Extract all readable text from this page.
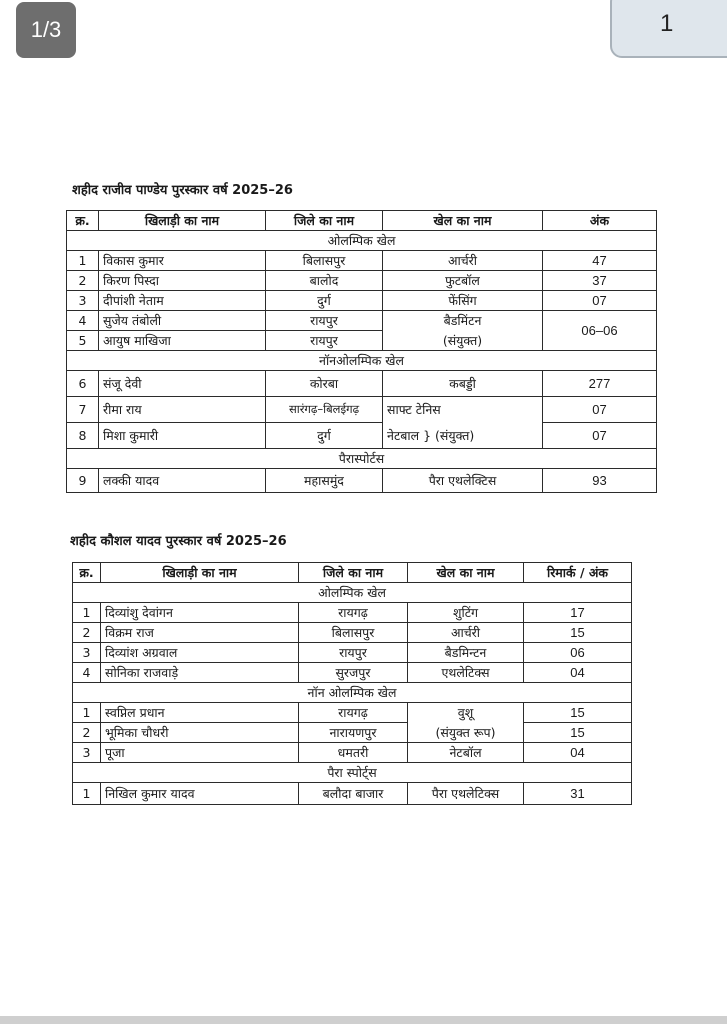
1/3	1
शहीद राजीव पाण्डेय पुरस्कार वर्ष 2025–26
क्र.	खिलाड़ी का नाम	जिले का नाम	खेल का नाम	अंक
ओलम्पिक खेल				
1	विकास कुमार	बिलासपुर	आर्चरी	47
2	किरण पिस्दा	बालोद	फुटबॉल	37
3	दीपांशी नेताम	दुर्ग	फेंसिंग	07
4	सुजेय तंबोली	रायपुर	बैडमिंटन	06–06
5	आयुष माखिजा	रायपुर	(संयुक्त)	
नॉनओलम्पिक खेल				
6	संजू देवी	कोरबा	कबड्डी	277
7	रीमा राय	सारंगढ़–बिलईगढ़	साफ्ट टेनिस	07
8	मिशा कुमारी	दुर्ग	नेटबाल } (संयुक्त)	07
पैरास्पोर्टस				
9	लक्की यादव	महासमुंद	पैरा एथलेक्टिस	93
शहीद कौशल यादव पुरस्कार वर्ष 2025–26
क्र.	खिलाड़ी का नाम	जिले का नाम	खेल का नाम	रिमार्क / अंक
ओलम्पिक खेल				
1	दिव्यांशु देवांगन	रायगढ़	शुटिंग	17
2	विक्रम राज	बिलासपुर	आर्चरी	15
3	दिव्यांश अग्रवाल	रायपुर	बैडमिन्टन	06
4	सोनिका राजवाड़े	सुरजपुर	एथलेटिक्स	04
नॉन ओलम्पिक खेल				
1	स्वप्निल प्रधान	रायगढ़	वुशू	15
2	भूमिका चौधरी	नारायणपुर	(संयुक्त रूप)	15
3	पूजा	धमतरी	नेटबॉल	04
पैरा स्पोर्ट्स				
1	निखिल कुमार यादव	बलौदा बाजार	पैरा एथलेटिक्स	31
